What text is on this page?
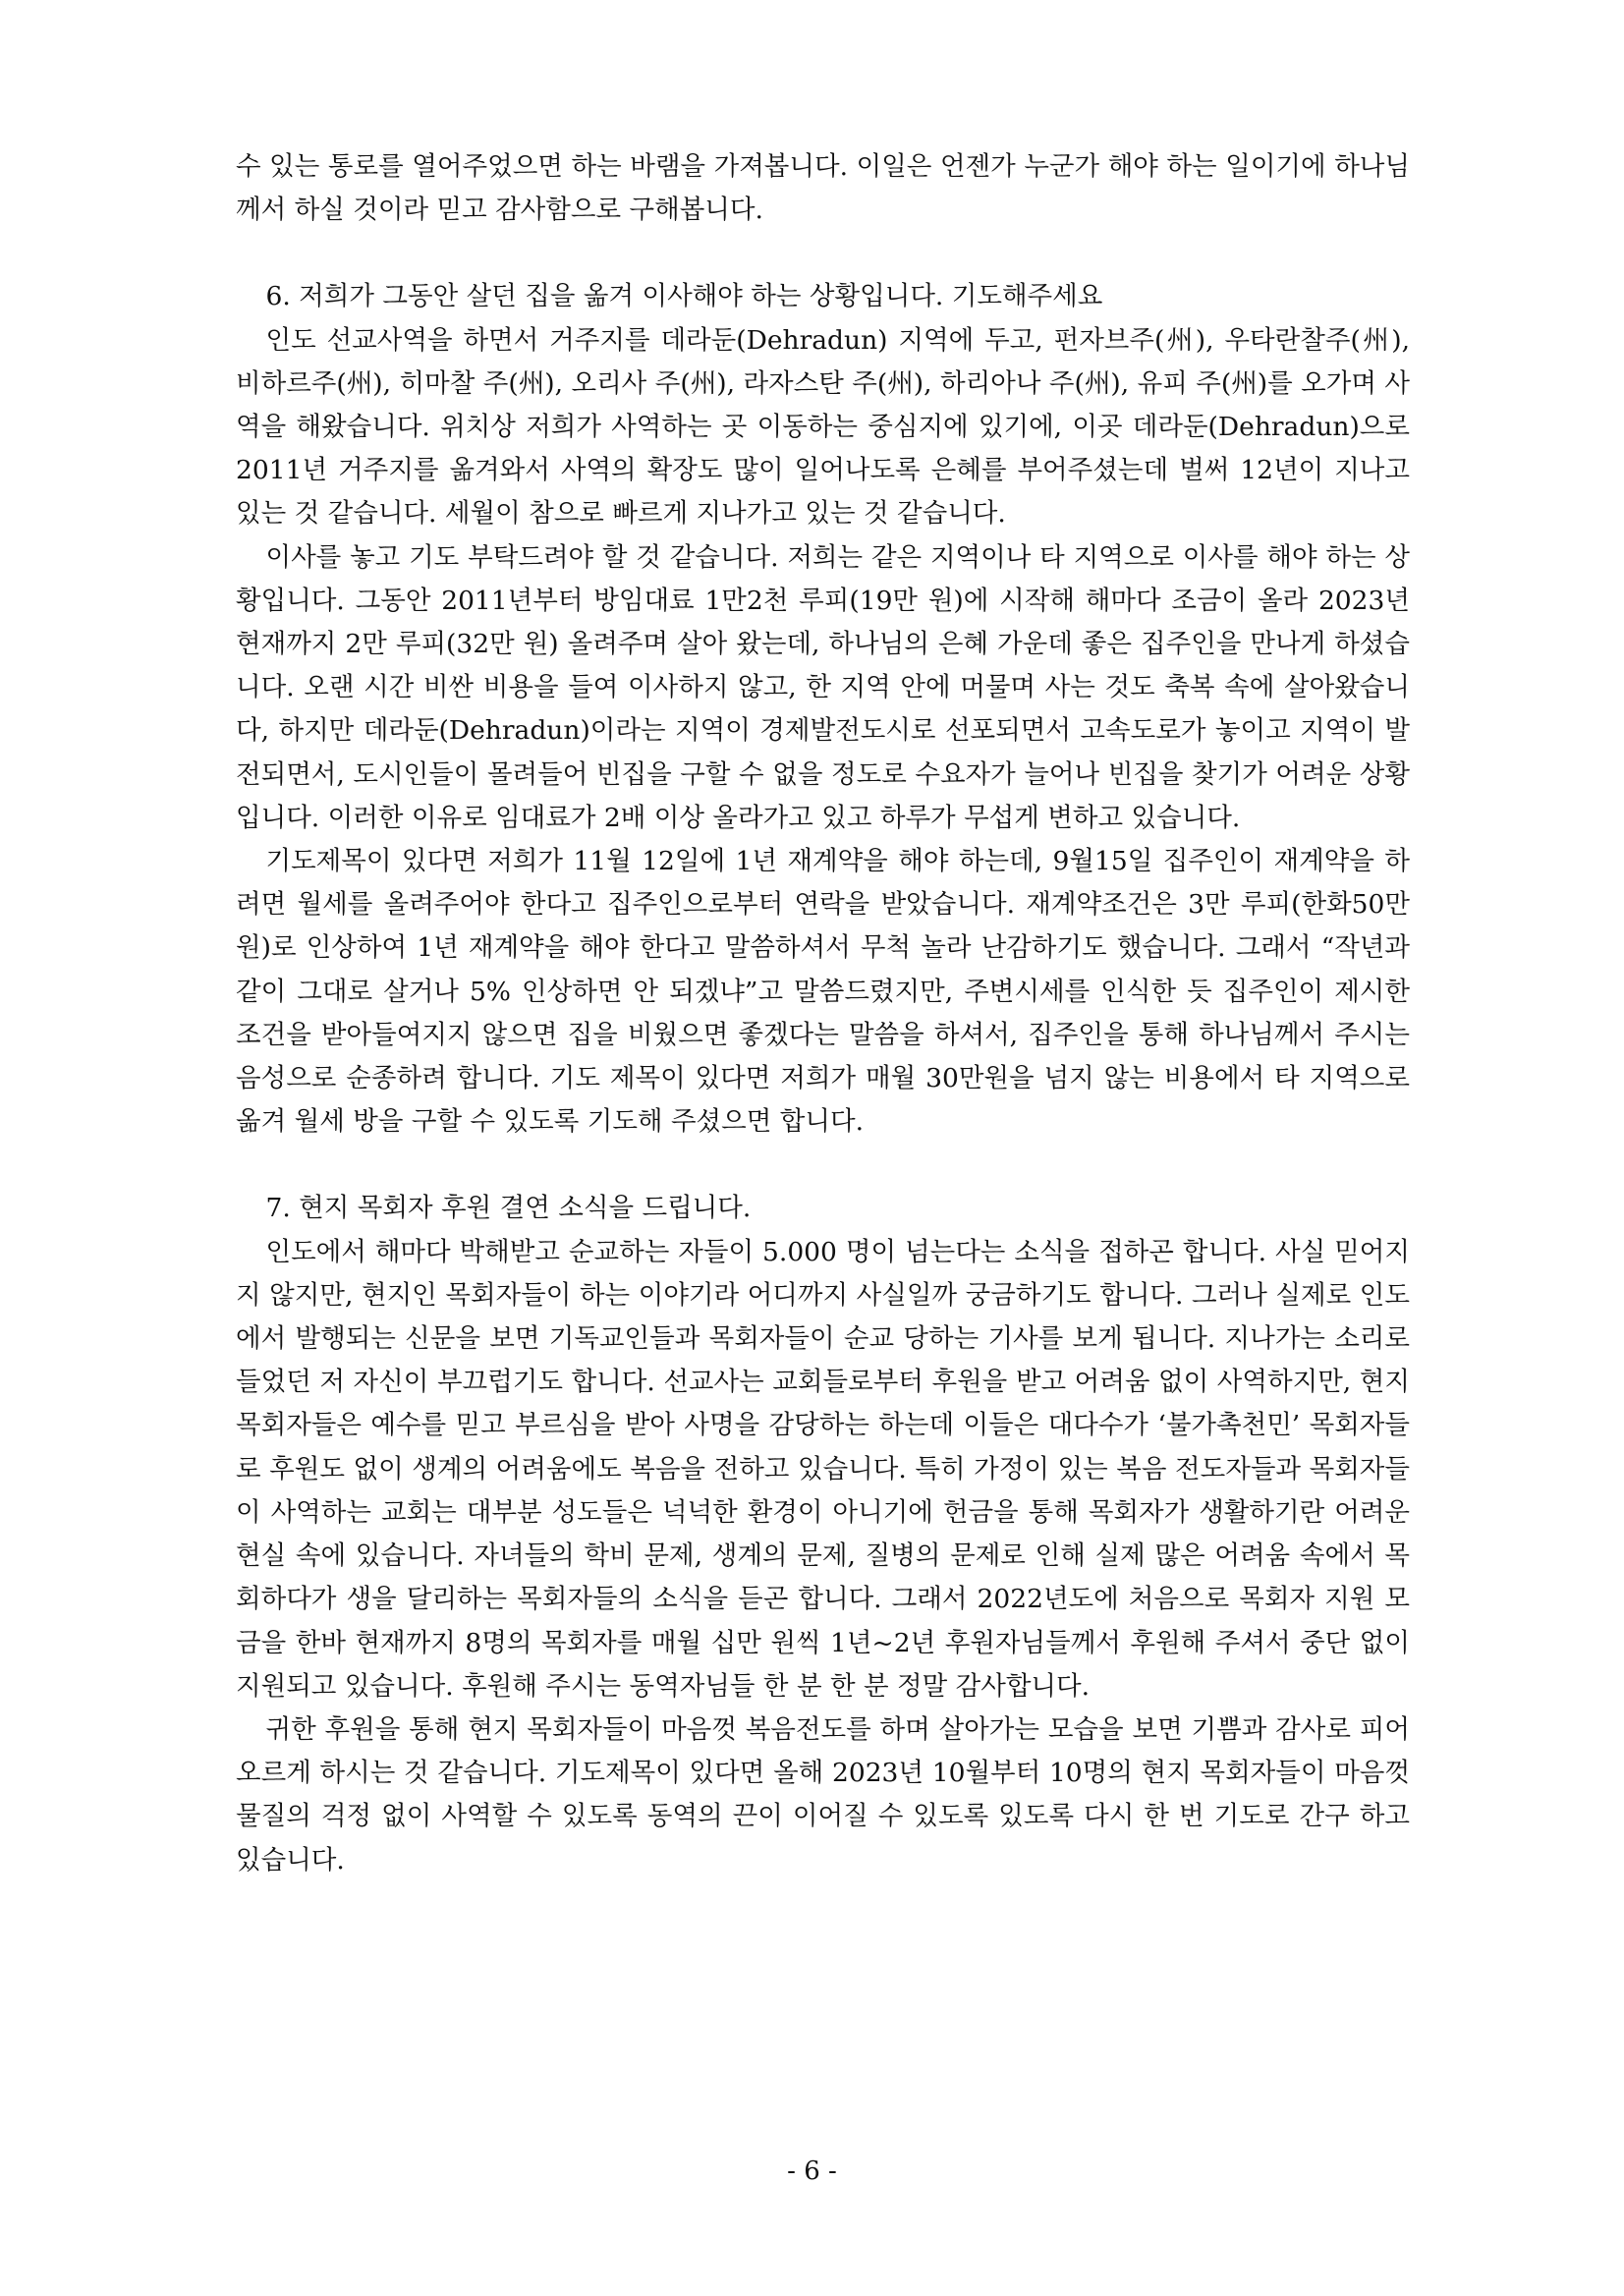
수 있는 통로를 열어주었으면 하는 바램을 가져봅니다. 이일은 언젠가 누군가 해야 하는 일이기에 하나님께서 하실 것이라 믿고 감사함으로 구해봅니다.

6. 저희가 그동안 살던 집을 옮겨 이사해야 하는 상황입니다. 기도해주세요

인도 선교사역을 하면서 거주지를 데라둔(Dehradun) 지역에 두고, 펀자브주(州), 우타란찰주(州), 비하르주(州), 히마찰 주(州), 오리사 주(州), 라자스탄 주(州), 하리아나 주(州), 유피 주(州)를 오가며 사역을 해왔습니다. 위치상 저희가 사역하는 곳 이동하는 중심지에 있기에, 이곳 데라둔(Dehradun)으로 2011년 거주지를 옮겨와서 사역의 확장도 많이 일어나도록 은혜를 부어주셨는데 벌써 12년이 지나고 있는 것 같습니다. 세월이 참으로 빠르게 지나가고 있는 것 같습니다.

이사를 놓고 기도 부탁드려야 할 것 같습니다. 저희는 같은 지역이나 타 지역으로 이사를 해야 하는 상황입니다. 그동안 2011년부터 방임대료 1만2천 루피(19만 원)에 시작해 해마다 조금이 올라 2023년 현재까지 2만 루피(32만 원) 올려주며 살아 왔는데, 하나님의 은혜 가운데 좋은 집주인을 만나게 하셨습니다. 오랜 시간 비싼 비용을 들여 이사하지 않고, 한 지역 안에 머물며 사는 것도 축복 속에 살아왔습니다, 하지만 데라둔(Dehradun)이라는 지역이 경제발전도시로 선포되면서 고속도로가 놓이고 지역이 발전되면서, 도시인들이 몰려들어 빈집을 구할 수 없을 정도로 수요자가 늘어나 빈집을 찾기가 어려운 상황입니다. 이러한 이유로 임대료가 2배 이상 올라가고 있고 하루가 무섭게 변하고 있습니다.

기도제목이 있다면 저희가 11월 12일에 1년 재계약을 해야 하는데, 9월15일 집주인이 재계약을 하려면 월세를 올려주어야 한다고 집주인으로부터 연락을 받았습니다. 재계약조건은 3만 루피(한화50만원)로 인상하여 1년 재계약을 해야 한다고 말씀하셔서 무척 놀라 난감하기도 했습니다. 그래서 “작년과 같이 그대로 살거나 5% 인상하면 안 되겠냐”고 말씀드렸지만, 주변시세를 인식한 듯 집주인이 제시한 조건을 받아들여지지 않으면 집을 비웠으면 좋겠다는 말씀을 하셔서, 집주인을 통해 하나님께서 주시는 음성으로 순종하려 합니다. 기도 제목이 있다면 저희가 매월 30만원을 넘지 않는 비용에서 타 지역으로 옮겨 월세 방을 구할 수 있도록 기도해 주셨으면 합니다.

7. 현지 목회자 후원 결연 소식을 드립니다.

인도에서 해마다 박해받고 순교하는 자들이 5.000 명이 넘는다는 소식을 접하곤 합니다. 사실 믿어지지 않지만, 현지인 목회자들이 하는 이야기라 어디까지 사실일까 궁금하기도 합니다. 그러나 실제로 인도에서 발행되는 신문을 보면 기독교인들과 목회자들이 순교 당하는 기사를 보게 됩니다. 지나가는 소리로 들었던 저 자신이 부끄럽기도 합니다. 선교사는 교회들로부터 후원을 받고 어려움 없이 사역하지만, 현지 목회자들은 예수를 믿고 부르심을 받아 사명을 감당하는 하는데 이들은 대다수가 ‘불가촉천민’ 목회자들로 후원도 없이 생계의 어려움에도 복음을 전하고 있습니다. 특히 가정이 있는 복음 전도자들과 목회자들이 사역하는 교회는 대부분 성도들은 넉넉한 환경이 아니기에 헌금을 통해 목회자가 생활하기란 어려운 현실 속에 있습니다. 자녀들의 학비 문제, 생계의 문제, 질병의 문제로 인해 실제 많은 어려움 속에서 목회하다가 생을 달리하는 목회자들의 소식을 듣곤 합니다. 그래서 2022년도에 처음으로 목회자 지원 모금을 한바 현재까지 8명의 목회자를 매월 십만 원씩 1년~2년 후원자님들께서 후원해 주셔서 중단 없이 지원되고 있습니다. 후원해 주시는 동역자님들 한 분 한 분 정말 감사합니다.

귀한 후원을 통해 현지 목회자들이 마음껏 복음전도를 하며 살아가는 모습을 보면 기쁨과 감사로 피어오르게 하시는 것 같습니다. 기도제목이 있다면 올해 2023년 10월부터 10명의 현지 목회자들이 마음껏 물질의 걱정 없이 사역할 수 있도록 동역의 끈이 이어질 수 있도록 있도록 다시 한 번 기도로 간구 하고 있습니다.

- 6 -
